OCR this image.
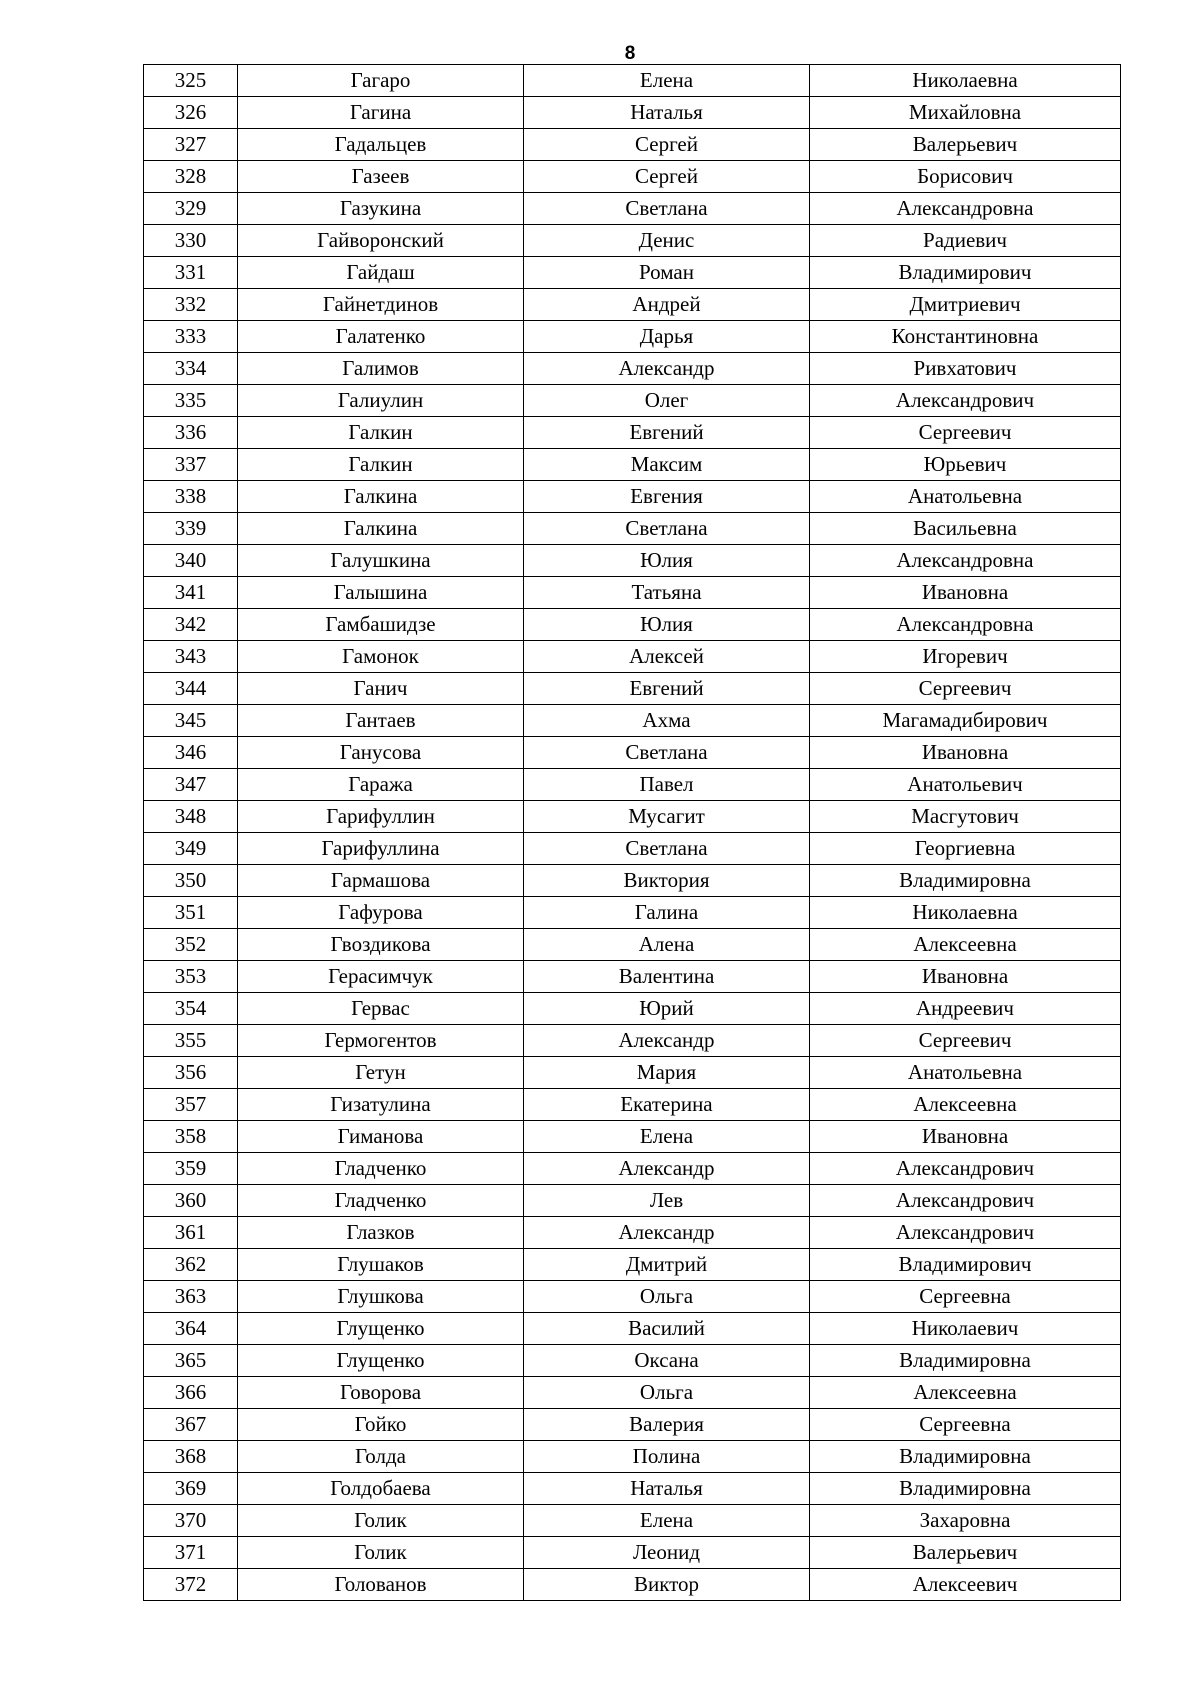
8
325	Гагаро	Елена	Николаевна
326	Гагина	Наталья	Михайловна
327	Гадальцев	Сергей	Валерьевич
328	Газеев	Сергей	Борисович
329	Газукина	Светлана	Александровна
330	Гайворонский	Денис	Радиевич
331	Гайдаш	Роман	Владимирович
332	Гайнетдинов	Андрей	Дмитриевич
333	Галатенко	Дарья	Константиновна
334	Галимов	Александр	Ривхатович
335	Галиулин	Олег	Александрович
336	Галкин	Евгений	Сергеевич
337	Галкин	Максим	Юрьевич
338	Галкина	Евгения	Анатольевна
339	Галкина	Светлана	Васильевна
340	Галушкина	Юлия	Александровна
341	Галышина	Татьяна	Ивановна
342	Гамбашидзе	Юлия	Александровна
343	Гамонок	Алексей	Игоревич
344	Ганич	Евгений	Сергеевич
345	Гантаев	Ахма	Магамадибирович
346	Ганусова	Светлана	Ивановна
347	Гаража	Павел	Анатольевич
348	Гарифуллин	Мусагит	Масгутович
349	Гарифуллина	Светлана	Георгиевна
350	Гармашова	Виктория	Владимировна
351	Гафурова	Галина	Николаевна
352	Гвоздикова	Алена	Алексеевна
353	Герасимчук	Валентина	Ивановна
354	Гервас	Юрий	Андреевич
355	Гермогентов	Александр	Сергеевич
356	Гетун	Мария	Анатольевна
357	Гизатулина	Екатерина	Алексеевна
358	Гиманова	Елена	Ивановна
359	Гладченко	Александр	Александрович
360	Гладченко	Лев	Александрович
361	Глазков	Александр	Александрович
362	Глушаков	Дмитрий	Владимирович
363	Глушкова	Ольга	Сергеевна
364	Глущенко	Василий	Николаевич
365	Глущенко	Оксана	Владимировна
366	Говорова	Ольга	Алексеевна
367	Гойко	Валерия	Сергеевна
368	Голда	Полина	Владимировна
369	Голдобаева	Наталья	Владимировна
370	Голик	Елена	Захаровна
371	Голик	Леонид	Валерьевич
372	Голованов	Виктор	Алексеевич
